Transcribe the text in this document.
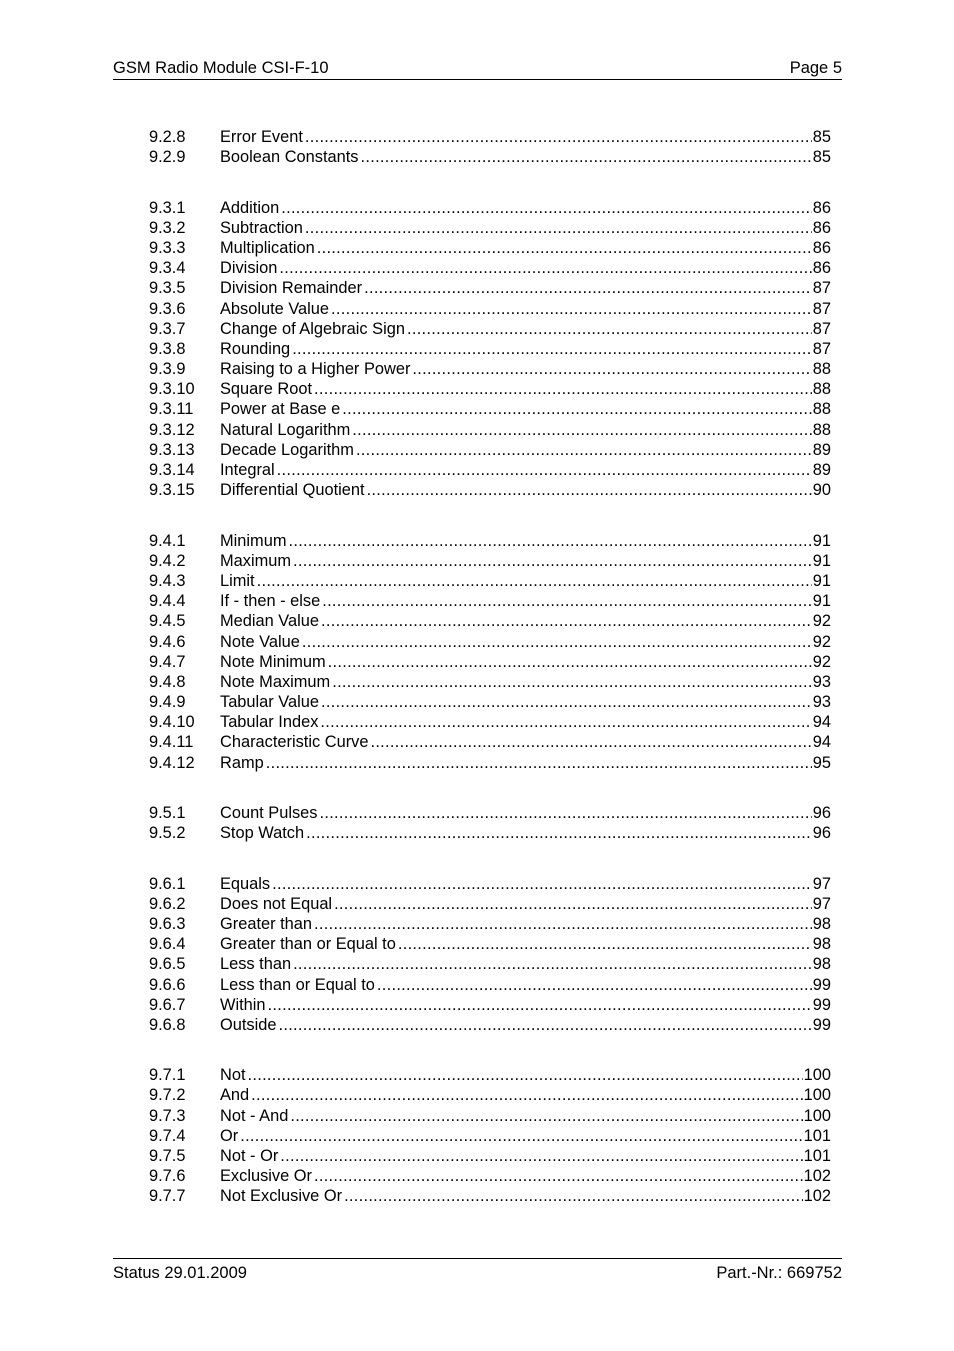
GSM Radio Module CSI-F-10	Page 5
9.2.8	Error Event .....	85
9.2.9	Boolean Constants .....	85
9.3.1	Addition .....	86
9.3.2	Subtraction .....	86
9.3.3	Multiplication .....	86
9.3.4	Division .....	86
9.3.5	Division Remainder .....	87
9.3.6	Absolute Value .....	87
9.3.7	Change of Algebraic Sign .....	87
9.3.8	Rounding .....	87
9.3.9	Raising to a Higher Power .....	88
9.3.10	Square Root .....	88
9.3.11	Power at Base e .....	88
9.3.12	Natural Logarithm .....	88
9.3.13	Decade Logarithm .....	89
9.3.14	Integral .....	89
9.3.15	Differential Quotient .....	90
9.4.1	Minimum .....	91
9.4.2	Maximum .....	91
9.4.3	Limit .....	91
9.4.4	If - then - else .....	91
9.4.5	Median Value .....	92
9.4.6	Note Value .....	92
9.4.7	Note Minimum .....	92
9.4.8	Note Maximum .....	93
9.4.9	Tabular Value .....	93
9.4.10	Tabular Index .....	94
9.4.11	Characteristic Curve .....	94
9.4.12	Ramp .....	95
9.5.1	Count Pulses .....	96
9.5.2	Stop Watch .....	96
9.6.1	Equals .....	97
9.6.2	Does not Equal .....	97
9.6.3	Greater than .....	98
9.6.4	Greater than or Equal to .....	98
9.6.5	Less than .....	98
9.6.6	Less than or Equal to .....	99
9.6.7	Within .....	99
9.6.8	Outside .....	99
9.7.1	Not .....	100
9.7.2	And .....	100
9.7.3	Not - And .....	100
9.7.4	Or .....	101
9.7.5	Not - Or .....	101
9.7.6	Exclusive Or .....	102
9.7.7	Not Exclusive Or .....	102
Status 29.01.2009	Part.-Nr.: 669752
